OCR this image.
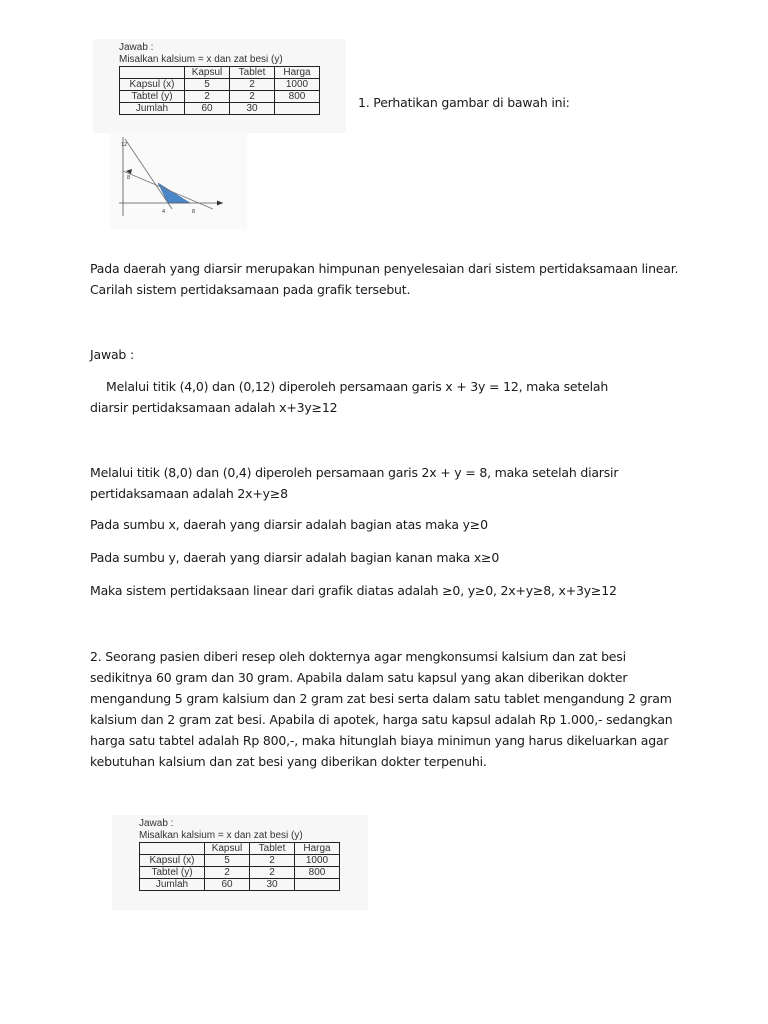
Jawab :
Misalkan kalsium = x dan zat besi (y)
	Kapsul	Tablet	Harga
Kapsul (x)	5	2	1000
Tabtel (y)	2	2	800
Jumlah	60	30		1. Perhatikan gambar di bawah ini:
12
8
4	8
Pada daerah yang diarsir merupakan himpunan penyelesaian dari sistem pertidaksamaan linear. Carilah sistem pertidaksamaan pada grafik tersebut.
Jawab :
Melalui titik (4,0) dan (0,12) diperoleh persamaan garis x + 3y = 12, maka setelah diarsir pertidaksamaan adalah x+3y≥12
Melalui titik (8,0) dan (0,4) diperoleh persamaan garis 2x + y = 8, maka setelah diarsir pertidaksamaan adalah 2x+y≥8
Pada sumbu x, daerah yang diarsir adalah bagian atas maka y≥0
Pada sumbu y, daerah yang diarsir adalah bagian kanan maka x≥0
Maka sistem pertidaksaan linear dari grafik diatas adalah ≥0, y≥0, 2x+y≥8, x+3y≥12
2. Seorang pasien diberi resep oleh dokternya agar mengkonsumsi kalsium dan zat besi sedikitnya 60 gram dan 30 gram. Apabila dalam satu kapsul yang akan diberikan dokter mengandung 5 gram kalsium dan 2 gram zat besi serta dalam satu tablet mengandung 2 gram kalsium dan 2 gram zat besi. Apabila di apotek, harga satu kapsul adalah Rp 1.000,- sedangkan harga satu tabtel adalah Rp 800,-, maka hitunglah biaya minimun yang harus dikeluarkan agar kebutuhan kalsium dan zat besi yang diberikan dokter terpenuhi.
Jawab :
Misalkan kalsium = x dan zat besi (y)
	Kapsul	Tablet	Harga
Kapsul (x)	5	2	1000
Tabtel (y)	2	2	800
Jumlah	60	30	
